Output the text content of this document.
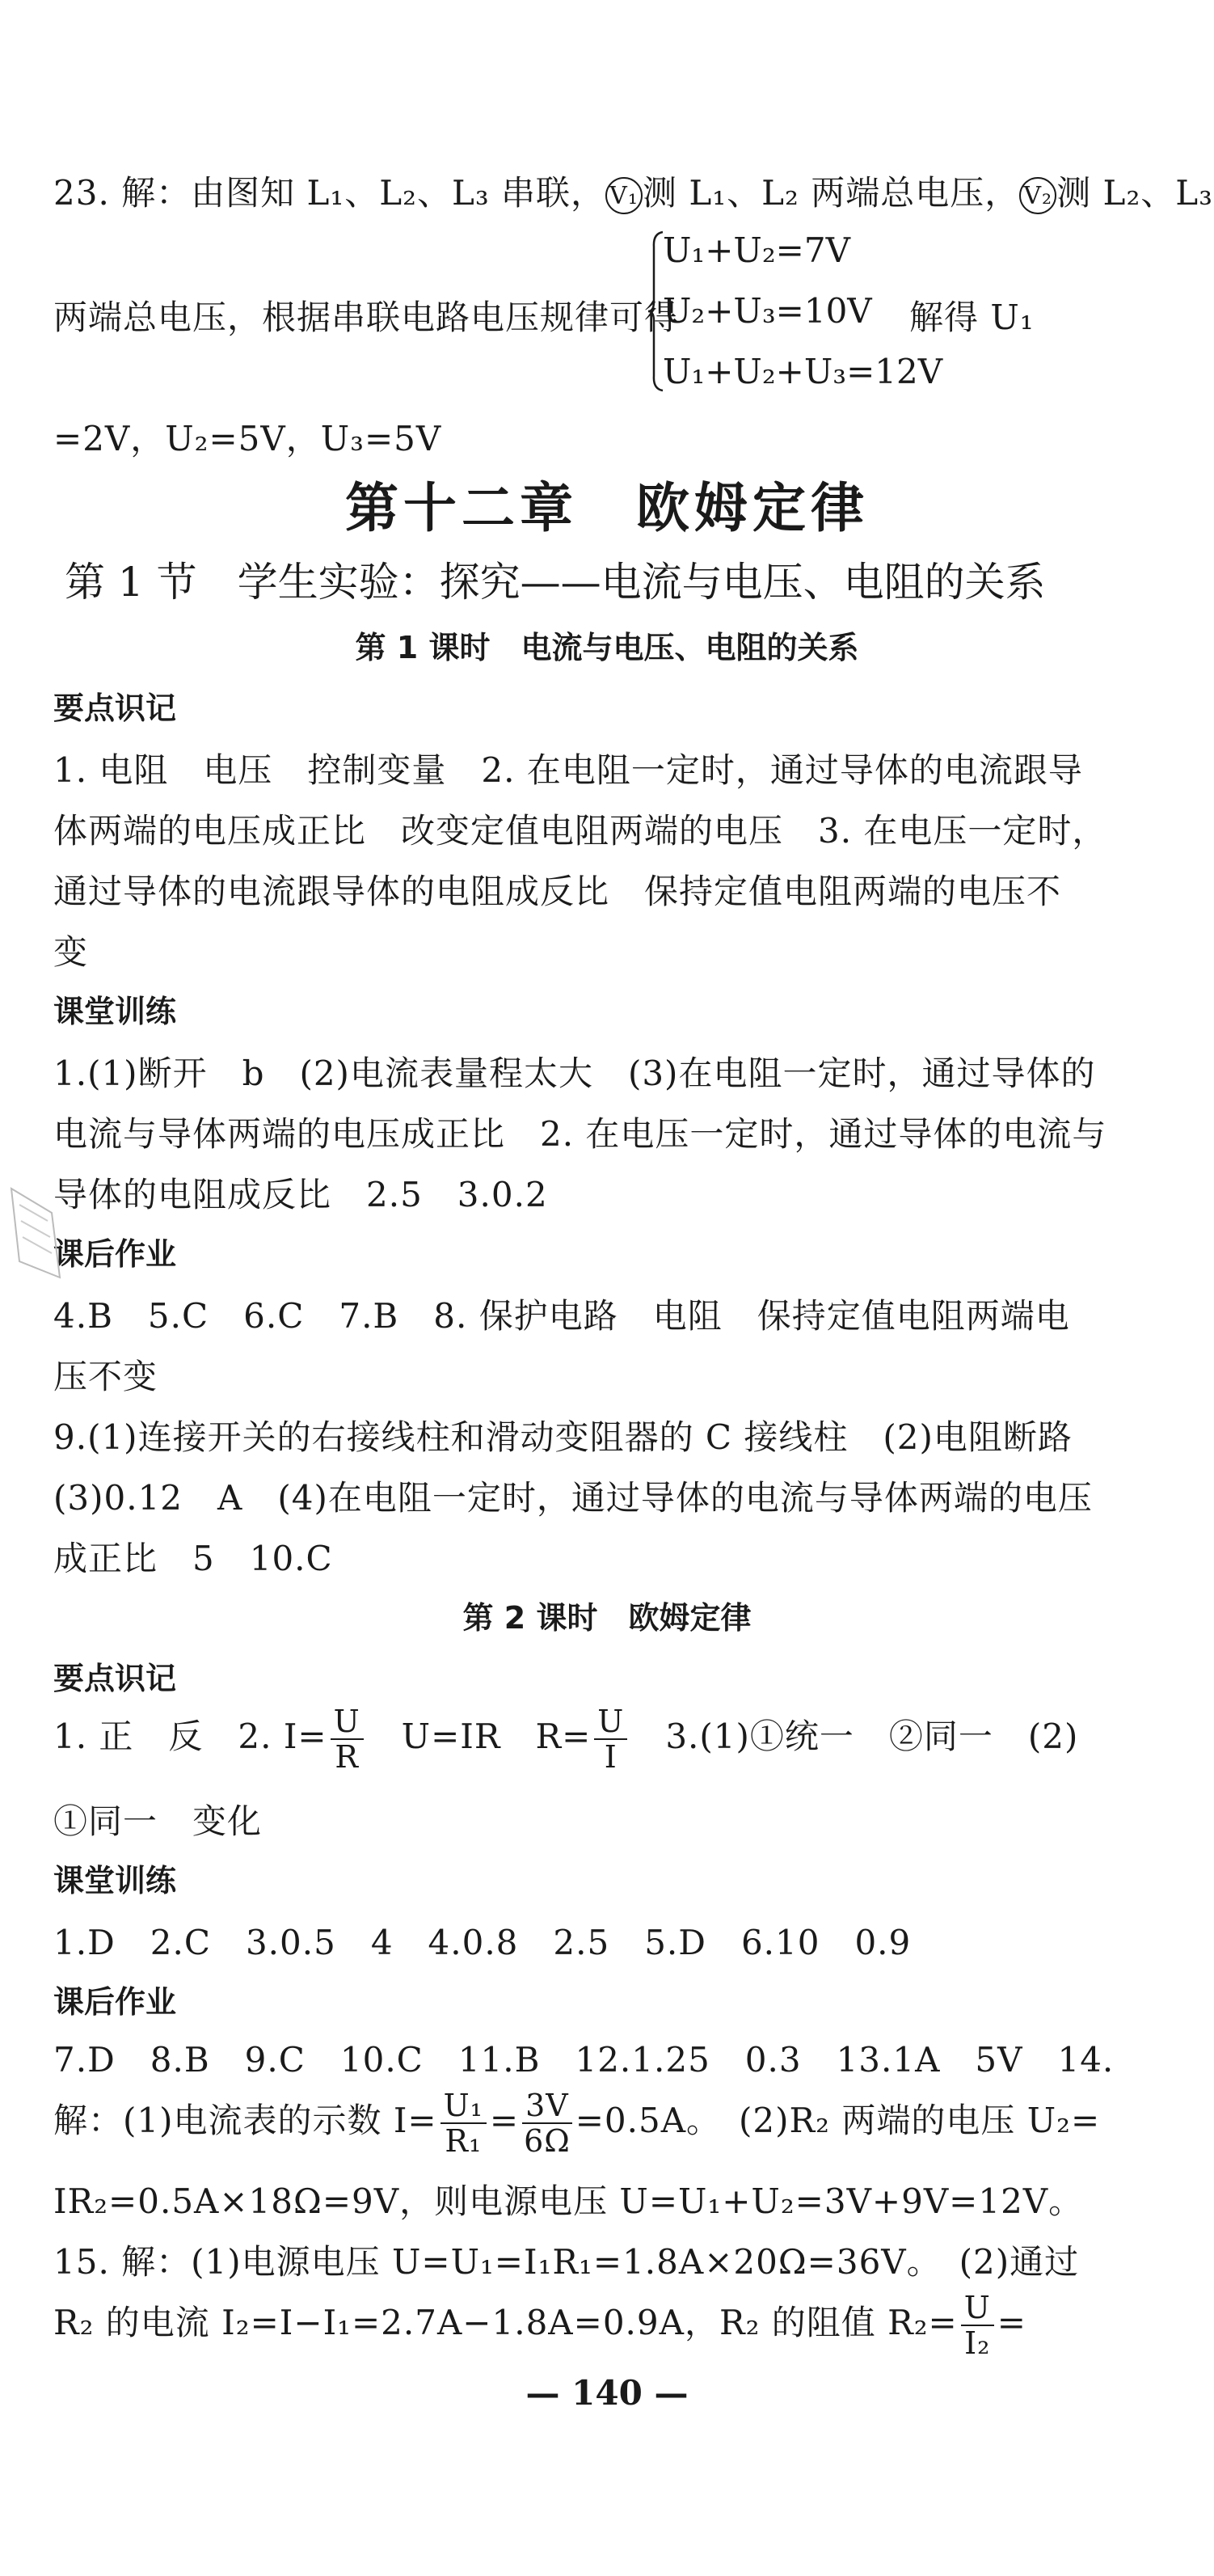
23. 解：由图知 L₁、L₂、L₃ 串联， V₁ 测 L₁、L₂ 两端总电压， V₂ 测 L₂、L₃
两端总电压，根据串联电路电压规律可得
U₁+U₂=7V
U₂+U₃=10V
U₁+U₂+U₃=12V
解得 U₁
=2V，U₂=5V，U₃=5V
第十二章　欧姆定律
第 1 节　学生实验：探究——电流与电压、电阻的关系
第 1 课时　电流与电压、电阻的关系
要点识记
1. 电阻　电压　控制变量　2. 在电阻一定时，通过导体的电流跟导
体两端的电压成正比　改变定值电阻两端的电压　3. 在电压一定时，
通过导体的电流跟导体的电阻成反比　保持定值电阻两端的电压不
变
课堂训练
1.(1)断开　b　(2)电流表量程太大　(3)在电阻一定时，通过导体的
电流与导体两端的电压成正比　2. 在电压一定时，通过导体的电流与
导体的电阻成反比　2.5　3.0.2
课后作业
4.B　5.C　6.C　7.B　8. 保护电路　电阻　保持定值电阻两端电
压不变
9.(1)连接开关的右接线柱和滑动变阻器的 C 接线柱　(2)电阻断路
(3)0.12　A　(4)在电阻一定时，通过导体的电流与导体两端的电压
成正比　5　10.C
第 2 课时　欧姆定律
要点识记
1. 正　反　2. $I= \frac{U}{R}$ 　U=IR　$R= \frac{U}{I}$ 　3.(1)①统一　②同一　(2)
①同一　变化
课堂训练
1.D　2.C　3.0.5　4　4.0.8　2.5　5.D　6.10　0.9
课后作业
7.D　8.B　9.C　10.C　11.B　12.1.25　0.3　13.1A　5V　14.
解：(1)电流表的示数 $I= \frac{\text{U₁}}{\text{R₁}} = \frac{3V}{6\Omega} =0.5A$。　(2)R₂ 两端的电压 U₂=
IR₂=0.5A×18Ω=9V，则电源电压 U=U₁+U₂=3V+9V=12V。
15. 解：(1)电源电压 U=U₁=I₁R₁=1.8A×20Ω=36V。　(2)通过
R₂ 的电流 I₂=I−I₁=2.7A−1.8A=0.9A，R₂ 的阻值 $R_2= \frac{U}{\text{I₂}}$ =
— 140 —
